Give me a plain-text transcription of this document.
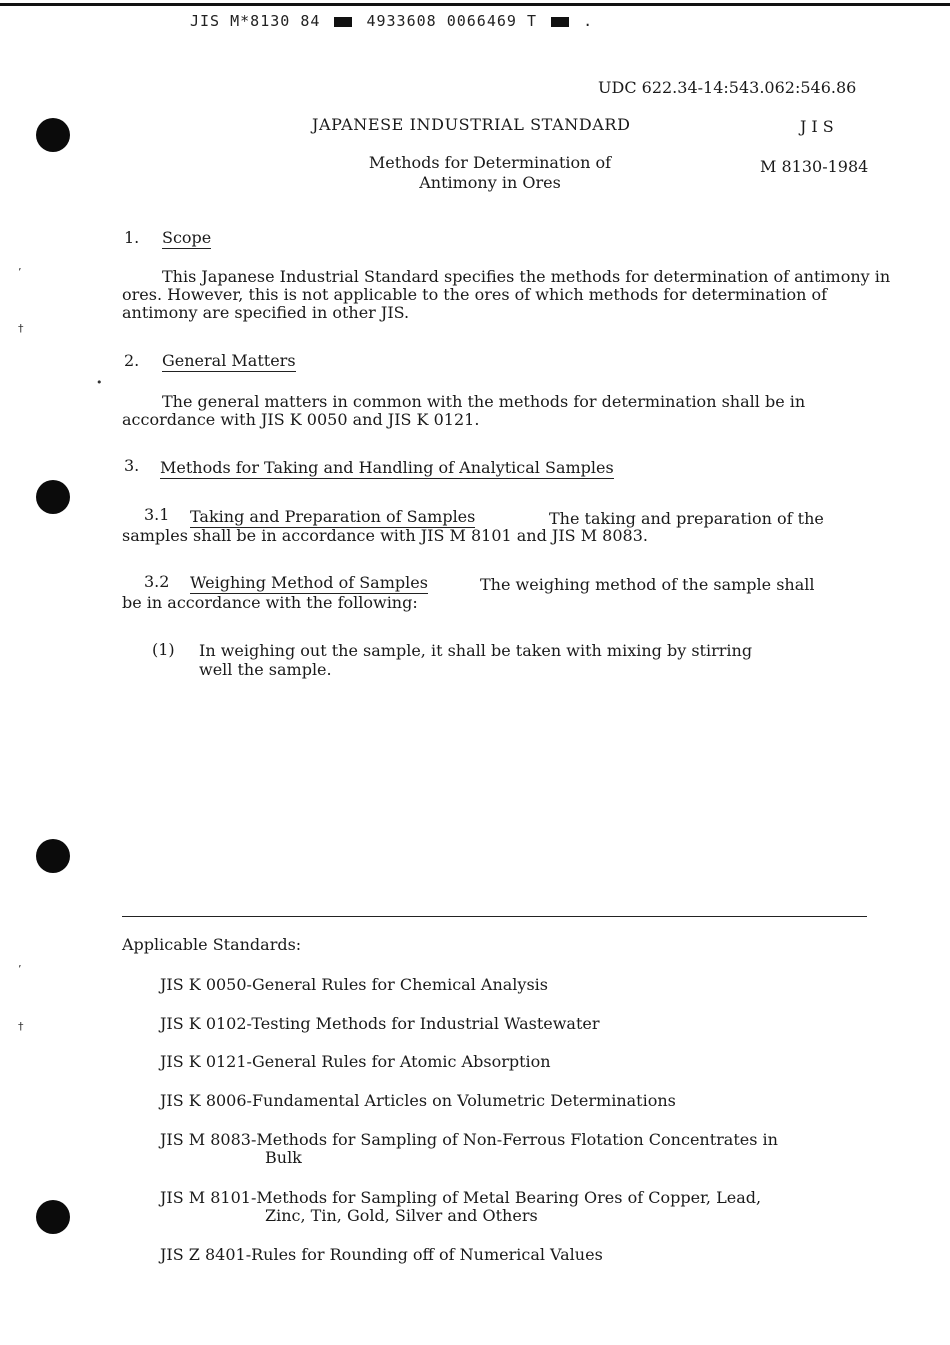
JIS M*8130 84	4933608 0066469 T	.
’
†
•
’
†
UDC 622.34-14:543.062:546.86
JAPANESE INDUSTRIAL STANDARD	JIS
Methods for Determination of
Antimony in Ores
M 8130-1984
1. Scope
This Japanese Industrial Standard specifies the methods for determination of antimony in ores. However, this is not applicable to the ores of which methods for determination of antimony are specified in other JIS.
2. General Matters
The general matters in common with the methods for determination shall be in accordance with JIS K 0050 and JIS K 0121.
3. Methods for Taking and Handling of Analytical Samples
3.1 Taking and Preparation of Samples	The taking and preparation of the
samples shall be in accordance with JIS M 8101 and JIS M 8083.
3.2 Weighing Method of Samples	The weighing method of the sample shall
be in accordance with the following:
(1) In weighing out the sample, it shall be taken with mixing by stirring
well the sample.
Applicable Standards:
JIS K 0050-General Rules for Chemical Analysis
JIS K 0102-Testing Methods for Industrial Wastewater
JIS K 0121-General Rules for Atomic Absorption
JIS K 8006-Fundamental Articles on Volumetric Determinations
JIS M 8083-Methods for Sampling of Non-Ferrous Flotation Concentrates in
Bulk
JIS M 8101-Methods for Sampling of Metal Bearing Ores of Copper, Lead,
Zinc, Tin, Gold, Silver and Others
JIS Z 8401-Rules for Rounding off of Numerical Values
